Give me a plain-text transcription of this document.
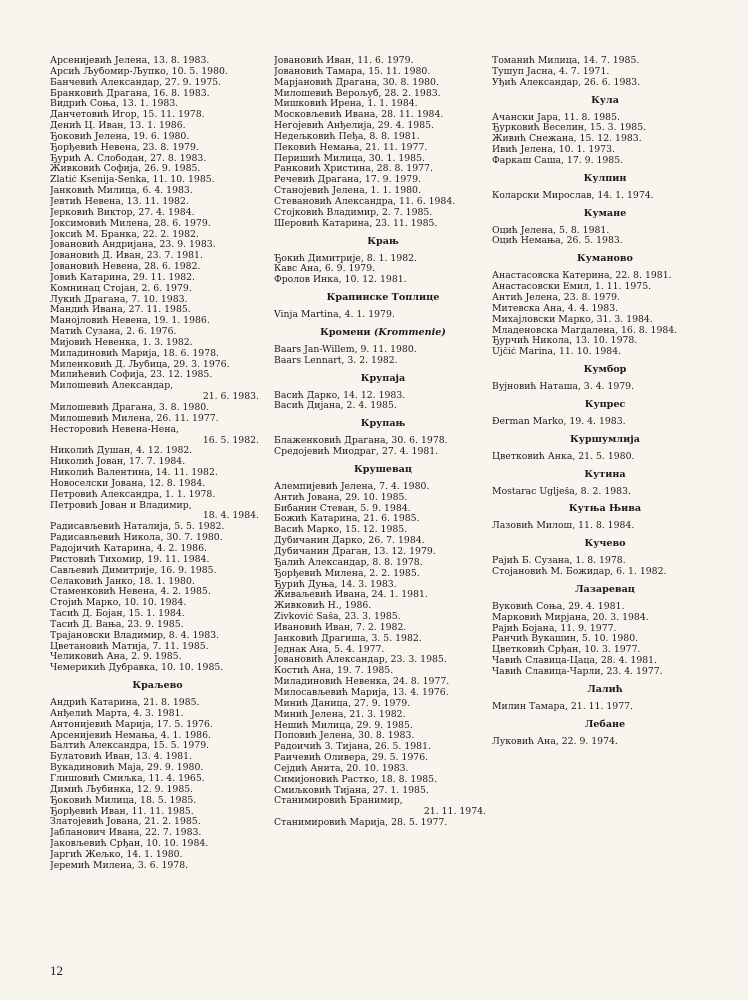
Арсенијевић Јелена, 13. 8. 1983.
Арсић Љубомир-Љупко, 10. 5. 1980.
Банчевић Александар, 27. 9. 1975.
Бранковић Драгана, 16. 8. 1983.
Видрић Соња, 13. 1. 1983.
Данчетовић Игор, 15. 11. 1978.
Денић Ц. Иван, 13. 1. 1986.
Ђоковић Јелена, 19. 6. 1980.
Ђорђевић Невена, 23. 8. 1979.
Ђурић А. Слободан, 27. 8. 1983.
Живковић Софија, 26. 9. 1985.
Zlatić Ksenija-Senka, 11. 10. 1985.
Јанковић Милица, 6. 4. 1983.
Јевтић Невена, 13. 11. 1982.
Јерковић Виктор, 27. 4. 1984.
Јоксимовић Милена, 28. 6. 1979.
Јоксић М. Бранка, 22. 2. 1982.
Јовановић Андријана, 23. 9. 1983.
Јовановић Д. Иван, 23. 7. 1981.
Јовановић Невена, 28. 6. 1982.
Јовић Катарина, 29. 11. 1982.
Комнинац Стојан, 2. 6. 1979.
Лукић Драгана, 7. 10. 1983.
Мандић Ивана, 27. 11. 1985.
Манојловић Невена, 19. 1. 1986.
Матић Сузана, 2. 6. 1976.
Мијовић Невенка, 1. 3. 1982.
Миладиновић Марија, 18. 6. 1978.
Миленковић Д. Љубица, 29. 3. 1976.
Милићевић Софија, 23. 12. 1985.
Милошевић Александар,
21. 6. 1983.
Милошевић Драгана, 3. 8. 1980.
Милошевић Милена, 26. 11. 1977.
Несторовић Невена-Нена,
16. 5. 1982.
Николић Душан, 4. 12. 1982.
Николић Јован, 17. 7. 1984.
Николић Валентина, 14. 11. 1982.
Новоселски Јована, 12. 8. 1984.
Петровић Александра, 1. 1. 1978.
Петровић Јован и Владимир,
18. 4. 1984.
Радисављевић Наталија, 5. 5. 1982.
Радисављевић Никола, 30. 7. 1980.
Радојичић Катарина, 4. 2. 1986.
Ристовић Тихомир, 19. 11. 1984.
Сављевић Димитрије, 16. 9. 1985.
Селаковић Јанко, 18. 1. 1980.
Стаменковић Невена, 4. 2. 1985.
Стојић Марко, 10. 10. 1984.
Тасић Д. Бојан, 15. 1. 1984.
Тасић Д. Вања, 23. 9. 1985.
Трајановски Владимир, 8. 4. 1983.
Цветановић Матија, 7. 11. 1985.
Челиковић Ана, 2. 9. 1985.
Чемерикић Дубравка, 10. 10. 1985.
Краљево
Андрић Катарина, 21. 8. 1985.
Анђелић Марта, 4. 3. 1981.
Антонијевић Марија, 17. 5. 1976.
Арсенијевић Немања, 4. 1. 1986.
Балтић Александра, 15. 5. 1979.
Булатовић Иван, 13. 4. 1981.
Вукадиновић Маја, 29. 9. 1980.
Глишовић Смиљка, 11. 4. 1965.
Димић Љубинка, 12. 9. 1985.
Ђоковић Милица, 18. 5. 1985.
Ђорђевић Иван, 11. 11. 1985.
Златојевић Јована, 21. 2. 1985.
Јабланович Ивана, 22. 7. 1983.
Јаковљевић Срђан, 10. 10. 1984.
Јаргић Жељко, 14. 1. 1980.
Јеремић Милена, 3. 6. 1978.
Јовановић Иван, 11. 6. 1979.
Јовановић Тамара, 15. 11. 1980.
Марјановић Драгана, 30. 8. 1980.
Милошевић Верољуб, 28. 2. 1983.
Мишковић Ирена, 1. 1. 1984.
Московљевић Ивана, 28. 11. 1984.
Негојевић Анђелија, 29. 4. 1985.
Недељковић Пеђа, 8. 8. 1981.
Пековић Немања, 21. 11. 1977.
Перишић Милица, 30. 1. 1985.
Ранковић Христина, 28. 8. 1977.
Речевић Драгана, 17. 9. 1979.
Станојевић Јелена, 1. 1. 1980.
Стевановић Александра, 11. 6. 1984.
Стојковић Владимир, 2. 7. 1985.
Шеровић Катарина, 23. 11. 1985.
Крањ
Ђокић Димитрије, 8. 1. 1982.
Кавс Ана, 6. 9. 1979.
Фролов Инка, 10. 12. 1981.
Крапинске Топлице
Vinja Martina, 4. 1. 1979.
Кромени (Krommenie)
Baars Jan-Willem, 9. 11. 1980.
Baars Lennart, 3. 2. 1982.
Крупаја
Васић Дарко, 14. 12. 1983.
Васић Дијана, 2. 4. 1985.
Крупањ
Блаженковић Драгана, 30. 6. 1978.
Средојевић Миодраг, 27. 4. 1981.
Крушевац
Алемпијевић Јелена, 7. 4. 1980.
Антић Јована, 29. 10. 1985.
Бибанин Стеван, 5. 9. 1984.
Божић Катарина, 21. 6. 1985.
Васић Марко, 15. 12. 1985.
Дубичанин Дарко, 26. 7. 1984.
Дубичанин Драган, 13. 12. 1979.
Ђалић Александар, 8. 8. 1978.
Ђорђевић Милена, 2. 2. 1985.
Ђурић Дуња, 14. 3. 1983.
Живаљевић Ивана, 24. 1. 1981.
Живковић Н., 1986.
Živković Saša, 23. 3. 1985.
Ивановић Иван, 7. 2. 1982.
Јанковић Драгиша, 3. 5. 1982.
Једнак Ана, 5. 4. 1977.
Јовановић Александар, 23. 3. 1985.
Костић Ана, 19. 7. 1985.
Миладиновић Невенка, 24. 8. 1977.
Милосављевић Марија, 13. 4. 1976.
Минић Даница, 27. 9. 1979.
Минић Јелена, 21. 3. 1982.
Нешић Милица, 29. 9. 1985.
Поповић Јелена, 30. 8. 1983.
Радоичић З. Тијана, 26. 5. 1981.
Раичевић Оливера, 29. 5. 1976.
Сеjдић Анита, 20. 10. 1983.
Симијоновић Растко, 18. 8. 1985.
Смиљковић Тијана, 27. 1. 1985.
Станимировић Бранимир,
21. 11. 1974.
Станимировић Марија, 28. 5. 1977.
Томанић Милица, 14. 7. 1985.
Тушуп Јасна, 4. 7. 1971.
Уђић Александар, 26. 6. 1983.
Кула
Ачански Јара, 11. 8. 1985.
Ђурковић Веселин, 15. 3. 1985.
Живић Снежана, 15. 12. 1983.
Ивић Јелена, 10. 1. 1973.
Фаркаш Саша, 17. 9. 1985.
Кулпин
Коларски Мирослав, 14. 1. 1974.
Кумане
Оцић Јелена, 5. 8. 1981.
Оцић Немања, 26. 5. 1983.
Куманово
Анастасовска Катерина, 22. 8. 1981.
Анастасовски Емил, 1. 11. 1975.
Антић Јелена, 23. 8. 1979.
Митевска Ана, 4. 4. 1983.
Михајловски Марко, 31. 3. 1984.
Младеновска Магдалена, 16. 8. 1984.
Ђурчић Никола, 13. 10. 1978.
Ujčić Marina, 11. 10. 1984.
Кумбор
Вујновић Наташа, 3. 4. 1979.
Купрес
Đerman Marko, 19. 4. 1983.
Куршумлија
Цветковић Анка, 21. 5. 1980.
Кутина
Mostarac Uglješa, 8. 2. 1983.
Кутња Њива
Лазовић Милош, 11. 8. 1984.
Кучево
Рајић Б. Сузана, 1. 8. 1978.
Стојановић М. Божидар, 6. 1. 1982.
Лазаревац
Вуковић Соња, 29. 4. 1981.
Марковић Мирјана, 20. 3. 1984.
Рајић Бојана, 11. 9. 1977.
Ранчић Вукашин, 5. 10. 1980.
Цветковић Срђан, 10. 3. 1977.
Чавић Славица-Цаца, 28. 4. 1981.
Чавић Славица-Чарли, 23. 4. 1977.
Лалић
Милин Тамара, 21. 11. 1977.
Лебане
Луковић Ана, 22. 9. 1974.
12
